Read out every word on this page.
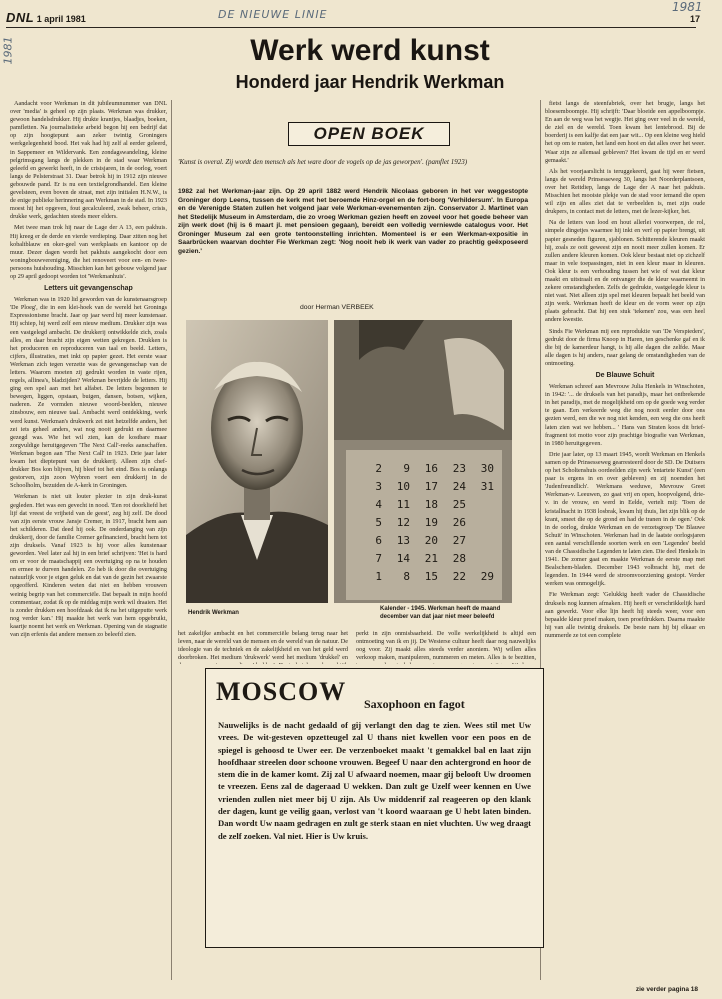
DE NIEUWE LINIE
1981
1981
DNL 1 april 1981	17
Werk werd kunst
Honderd jaar Hendrik Werkman
OPEN BOEK
'Kunst is overal. Zij wordt den mensch als het ware door de vogels op de jas geworpen'. (pamflet 1923)
1982 zal het Werkman-jaar zijn. Op 29 april 1882 werd Hendrik Nicolaas geboren in het ver weggestopte Groninger dorp Leens, tussen de kerk met het beroemde Hinz-orgel en de fort-borg 'Verhildersum'. In Europa en de Verenigde Staten zullen het volgend jaar vele Werkman-evenementen zijn. Conservator J. Martinet van het Stedelijk Museum in Amsterdam, die zo vroeg Werkman gezien heeft en zoveel voor het goede beheer van zijn werk doet (hij is 6 maart jl. met pensioen gegaan), bereidt een volledig verniewde catalogus voor. Het Groninger Museum zal een grote tentoonstelling inrichten. Momenteel is er een Werkman-expositie in Saarbrücken waarvan dochter Fie Werkman zegt: 'Nog nooit heb ik werk van vader zo prachtig geëxposeerd gezien.'
door Herman VERBEEK

Aandacht voor Werkman in dit jubileumnummer van DNL over 'media' is geheel op zijn plaats. Werkman was drukker, gewoon handelsdrukker. Hij drukte krantjes, blaadjes, boeken, pamfletten. Na journalistieke arbeid begon hij een bedrijf dat op zijn hoogtepunt aan zeker twintig Groningers werkgelegenheid bood. Het vak had hij zelf al eerder geleerd, in Sappemeer en Wildervank. Een zondagswandeling, kleine pelgrimsgang langs de plekken in de stad waar Werkman geleefd en gewerkt heeft, in de crisisjaren, in de oorlog, voert langs de Pelsterstraat 31. Daar betrok hij in 1912 zijn nieuwe gebouwde pand. Er is nu een textielgrondhandel. Een kleine gevelsteen, even boven de straat, met zijn initialen H.N.W., is de enige publieke herinnering aan Werkman in de stad. In 1923 moest hij het opgeven, fout gecalculeerd, zwak beheer, crisis, drukke werk, gedachten steeds meer elders.

Met twee man trok hij naar de Lage der A 13, een pakhuis. Hij kreeg er de derde en vierde verdieping. Daar zitten nog het kobaltblauw en oker-geel van werkplaats en kantoor op de muur. Dezer dagen wordt het pakhuis aangekocht door een woningbouwvereniging, die het renoveert voor een- en twee-persoons huishouding. Misschien kan het gebouw volgend jaar op 29 april gedoopt worden tot 'Werkmanhuis'.

Letters uit gevangenschap

Werkman was in 1920 lid geworden van de kunstenaarsgroep 'De Ploeg', die in een klei-hoek van de wereld het Gronings Expressionisme bracht. Jaar op jaar werd hij meer kunstenaar. Hij schiep, hij werd zelf een nieuw medium. Drukker zijn was een vastgelegd ambacht. De drukkerij ontwikkelde zich, zoals alles, en daar bracht zijn eigen wetten gekregen. Drukken is het produceren en reproduceren van taal en beeld. Letters, cijfers, illustraties, met inkt op papier gezet. Het eerste waar Werkman zich tegen verzette was de gevangenschap van de letters. Waarom moeten zij gedrukt worden in vaste rijen, regels, allinea's, bladzijden? Werkman bevrijdde de letters. Hij ging een spel aan met het alfabet. De letters begonnen te bewegen, liggen, opstaan, buigen, dansen, botsen, wijken, naderen. Ze vormden nieuwe woord-beelden, nieuwe zinsbouw, een nieuwe taal. Ambacht werd ontdekking, werk werd kunst. Werkman's drukwerk zei niet hetzelfde anders, het zei iets geheel anders, wat nog nooit gedrukt en daarmee gezegd was. Wie het wil zien, kan de kostbare maar zorgvuldige heruitgegeven 'The Next Call'-reeks aanschaffen. Werkman begon aan 'The Next Call' in 1923. Drie jaar later kwam het dieptepunt van de drukkerij. Alleen zijn chef-drukker Bos kon blijven, hij bleef tot het eind. Bos is onlangs gestorven, zijn zoon Wybren voert een drukkerij in de Schoolholm, bezuiden de A-kerk in Groningen.

Werkman is niet uit louter plezier in zijn druk-kunst gegleden. Het was een gevecht in nood. 'Een rot doorkliefd het lijf dat vreest de vrijheid van de geest', zeg hij zelf. De dood van zijn eerste vrouw Jansje Cremer, in 1917, bracht hem aan het schilderen. Dat deed hij ook. De onderdanging van zijn drukkerij, door de familie Cremer gefinancierd, bracht hem tot zijn druksels. Vanaf 1923 is hij voor alles kunstenaar geworden. Veel later zal hij in een brief schrijven: 'Het is hard om er voor de maatschappij een overtuiging op na te houden en ermee te durven handelen. Zo heb ik door die overtuiging natuurlijk voor je eigen geluk en dat van de gezin het zwaarste opgeofferd. Kinderen weten dat niet en hebben vrouwen weinig begrip van het commerciële. Dat bepaalt in mijn hoofd commentaar, zodat ik op de middag mijn werk wil draaien. Het is zonder drukken een hoofdzaak dat ik na het uitgeputte werk nog verder kan.' Hij maakte het werk van hem opgebruikt, kaartje noemt het werk en Werkman. Opening van de stagnatie van zijn erfenis dat andere mensen zo beleefd zien.

2	9	16	23	30
3	10	17	24	31
4	11	18	25
5	12	19	26
6	13	20	27
7	14	21	28
1	8	15	22	29
Hendrik Werkman
Kalender - 1945. Werkman heeft de maand december van dat jaar niet meer beleefd

het zakelijke ambacht en het commerciële belang terug naar het leven, naar de wereld van de mensen en de wereld van de natuur. De ideologie van de techniek en de zakelijkheid en van het geld werd doorbroken. Het medium 'drukwerk' werd het medium 'drukkel' en

perkt in zijn onmisbaarheid. De volle werkelijkheid is altijd een ontmoeting van ik en jij. De Westerse cultuur heeft daar nog nauwelijks oog voor. Zij maakt alles steeds verder anoniem. Wij willen alles verkoop maken, manipuleren, nummeren en meten. Alles is te bezitten,

MOSCOW Saxophoon en fagot
Nauwelijks is de nacht gedaald of gij verlangt den dag te zien. Wees stil met Uw vrees. De wit-gesteven opzetteugel zal U thans niet kwellen voor een poos en de spiegel is gehoosd te Uwer eer. De verzenboeket maakt 't gemakkel bal en laat zijn hoofdhaar streelen door schoone vrouwen. Begeef U naar den achtergrond en hoor de stem die in de kamer komt. Zij zal U afwaard noemen, maar gij belooft Uw droomen te vreezen. Eens zal de dageraad U wekken. Dan zult ge Uzelf weer kennen en Uwe vrienden zullen niet meer bij U zijn. Als Uw middenrif zal reageeren op den klank der dagen, kunt ge veilig gaan, verlost van 't koord waaraan ge U hebt laten binden. Dan wordt Uw naam gedragen en zult ge sterk staan en niet vluchten. Uw weg draagt de zelf zoeken. Val niet. Hier is Uw kruis.

fietst langs de steenfabriek, over het brugje, langs het bloesemboompje. Hij schrijft: 'Daar bloeide een appelboompje. En aan de weg was het wegtje. Het ging over veel in de wereld, de ziel en de wereld. Toen kwam het lentebrood. Bij de boerderij is een kalfje dat een jaar wit... Op een kleine weg hield het op om te rusten, het land een hooi en dat alles over het weer. Waar zijn ze allemaal gebleven? Het kwam de tijd en er werd gemaakt.'

Als het voorjaarslicht is teruggekeerd, gaat hij weer fietsen, langs de wereld Prinsesseweg 30, langs het Noorderplantsoen, over het Reitdiep, langs de Lage der A naar het pakhuis. Misschien het mooiste plekje van de stad voor iemand die open wil zijn en alles ziet dat te verbeelden is, met zijn oude drukpers, in contact met de letters, met de lezer-kijker, het.

Na de letters van lood en hout allerlei voorwerpen, de rol, simpele dingetjes waarmee hij inkt en verf op papier brengt, uit papier gesneden figuren, sjablonen. Schitterende kleuren maakt hij, zoals ze ooit geweest zijn en nooit meer zullen komen. Er zullen andere kleuren komen. Ook kleur bestaat niet op zichzelf maar in vele toepassingen, niet in een kleur maar in kleuren. Ook kleur is een verhouding tussen het wie of wat dat kleur maakt en uitstraalt en de ontvanger die de kleur waarneemt in zekere omstandigheden. Zelfs de gedrukte, vastgelegde kleur is niet vast. Niet alleen zijn spel met kleuren bepaalt het beeld van zijn werk. Werkman heeft de kleur en de vorm weer op zijn plaats gebracht. Dat hij een stuk 'tekenen' zou, was een heel andere kwestie.

Sinds Fie Werkman mij een reproduktie van 'De Verspieders', gedrukt door de firma Knoop in Haren, ten geschenke gaf en ik die bij de kamerdeur hangt, is hij alle dagen die zelfde. Maar alle dagen is hij anders, naar gelang de omstandigheden van de ontmoeting.

De Blauwe Schuit

Werkman schreef aan Mevrouw Julia Henkels in Winschoten, in 1942: '... de druksels van het paradijs, maar het ontbrekende in het paradijs, met de mogelijkheid om op de goede weg verder te gaan. Een verkeerde weg die nog nooit eerder door ons gezien werd, een die we nog niet kenden, een weg die ons heeft laten zien wat we hebben... ' Hans van Straten koos dit brief-fragment tot motto voor zijn prachtige biografie van Werkman, in 1980 heruitgegeven.

Drie jaar later, op 13 maart 1945, wordt Werkman en Henkels samen op de Prinsesseweg gearresteerd door de SD. De Duitsers op het Scholtenshuis oordeelden zijn werk 'entartete Kunst' (een paar is ergens in en over gebleven) en zij noemden het 'Judenfreundlich'. Werkmans weduwe, Mevrouw Greet Werkman-v. Leeuwen, zo gaat vrij en open, hoopvolgend, drie-v. in de vrouw, en werd in Eelde, vertelt mij: 'Toen de kristallnacht in 1938 losbrak, kwam hij thuis, liet zijn blik op de krant, smeet die op de grond en had de tranen in de ogen.' Ook in de oorlog, drukte Werkman en de verzetsgroep 'De Blauwe Schuit' in Winschoten. Werkman had in de laatste oorlogsjaren een aantal verschillende soorten werk en een 'Legendes' beeld van de Chassidische Legenden te laten zien. Die deel Henkels in 1941. De zomer gaat en maakte Werkman de eerste map met Bealschem-bladen. December 1943 volbracht hij, met de legenden. In 1944 werd de stroomvoorziening gestopt. Verder werken was onmogelijk.

Fie Werkman zegt: 'Gelukkig heeft vader de Chassidische druksels nog kunnen afmaken. Hij heeft er verschrikkelijk hard aan gewerkt. Voor elke lijn heeft hij steeds weer, voor een bepaalde kleur proef maken, toen proefdrukken. Daarna maakte hij van alle twintig druksels. De beste nam hij bij elkaar en nummerde ze tot een complete

zie verder pagina 18
